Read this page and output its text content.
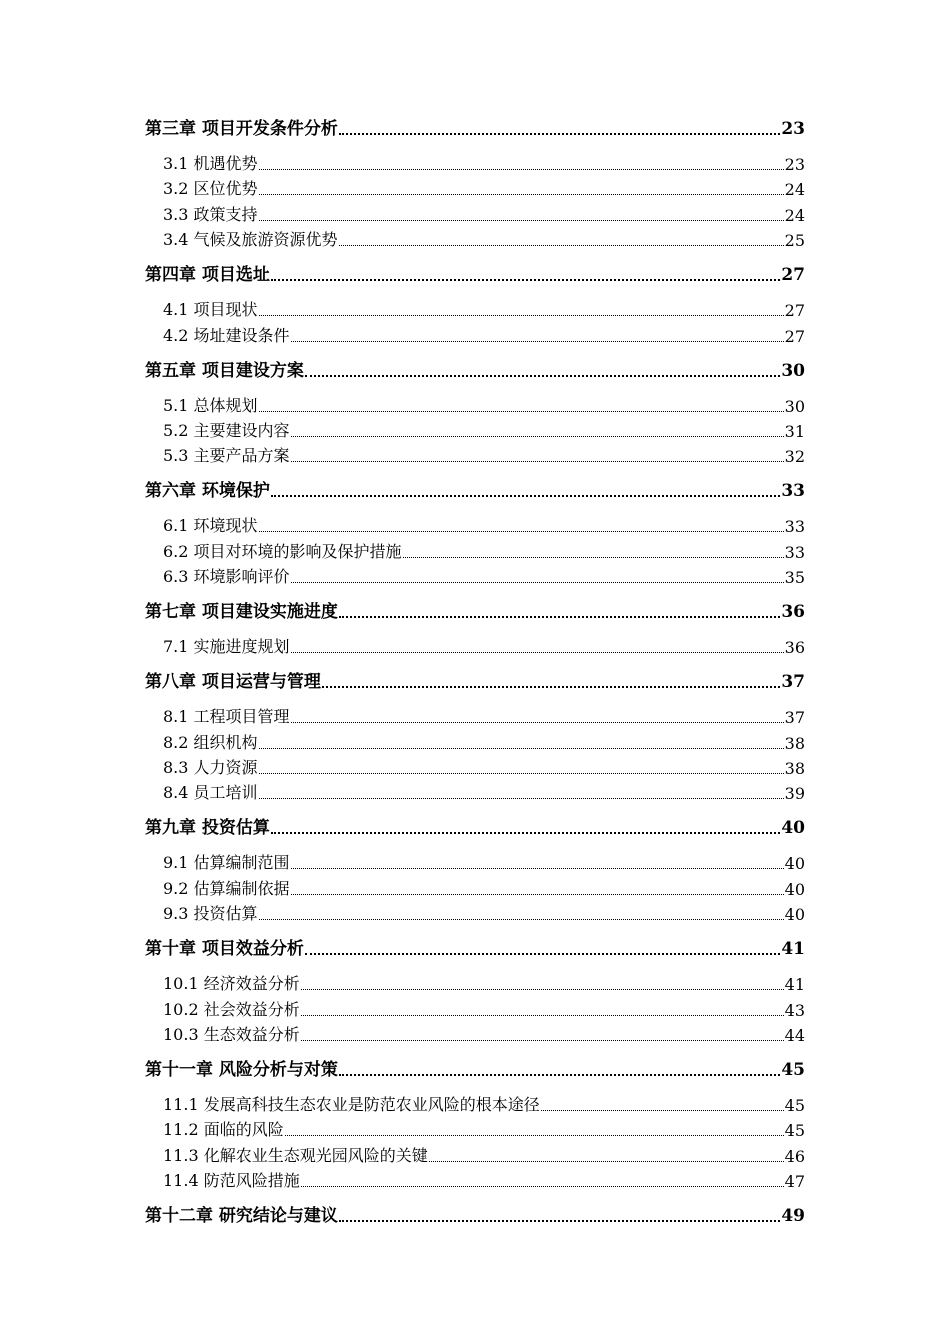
第三章 项目开发条件分析	23
3.1 机遇优势	23
3.2 区位优势	24
3.3 政策支持	24
3.4 气候及旅游资源优势	25
第四章 项目选址	27
4.1 项目现状	27
4.2 场址建设条件	27
第五章 项目建设方案	30
5.1 总体规划	30
5.2 主要建设内容	31
5.3 主要产品方案	32
第六章 环境保护	33
6.1 环境现状	33
6.2 项目对环境的影响及保护措施	33
6.3 环境影响评价	35
第七章 项目建设实施进度	36
7.1 实施进度规划	36
第八章 项目运营与管理	37
8.1 工程项目管理	37
8.2 组织机构	38
8.3 人力资源	38
8.4 员工培训	39
第九章 投资估算	40
9.1 估算编制范围	40
9.2 估算编制依据	40
9.3 投资估算	40
第十章 项目效益分析	41
10.1 经济效益分析	41
10.2 社会效益分析	43
10.3 生态效益分析	44
第十一章 风险分析与对策	45
11.1 发展高科技生态农业是防范农业风险的根本途径	45
11.2 面临的风险	45
11.3 化解农业生态观光园风险的关键	46
11.4 防范风险措施	47
第十二章 研究结论与建议	49
